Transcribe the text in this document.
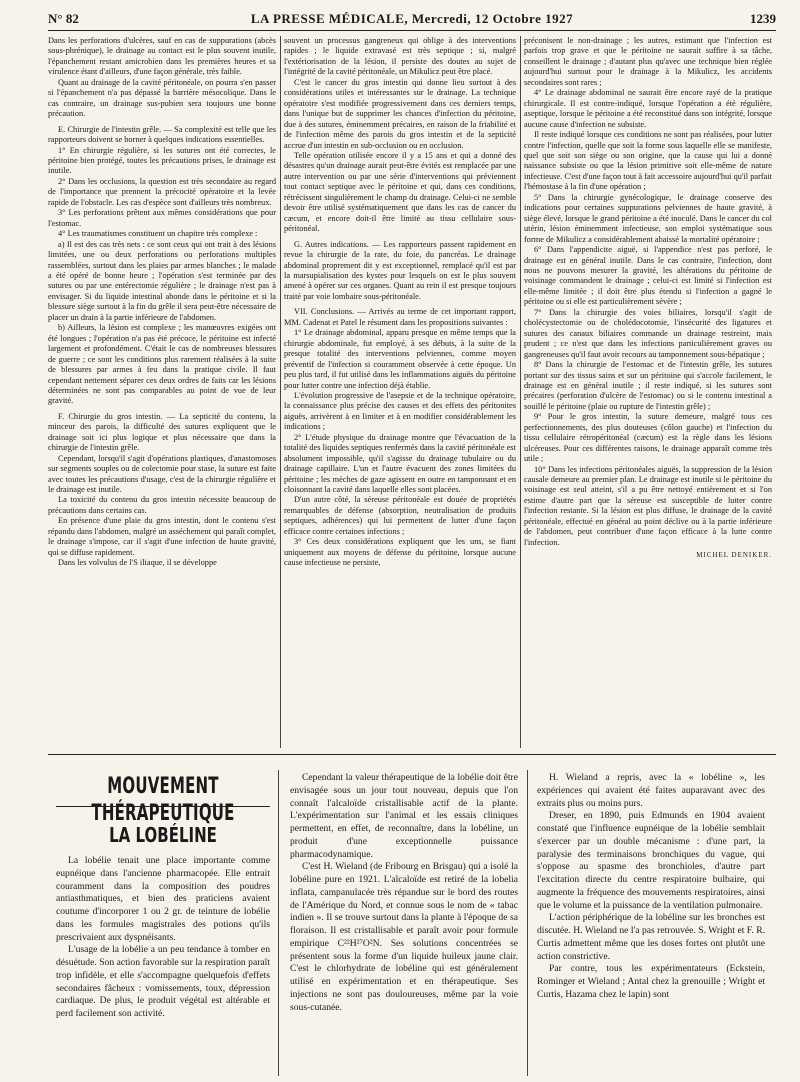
N° 82	LA PRESSE MÉDICALE, Mercredi, 12 Octobre 1927	1239

Dans les perforations d'ulcères, sauf en cas de suppurations (abcès sous-phrénique), le drainage au contact est le plus souvent inutile, l'épanchement restant amicrobien dans les premières heures et sa virulence étant d'ailleurs, d'une façon générale, très faible.

Quant au drainage de la cavité péritonéale, on pourra s'en passer si l'épanchement n'a pas dépassé la barrière mésocolique. Dans le cas contraire, un drainage sus-pubien sera toujours une bonne précaution.

E. Chirurgie de l'intestin grêle. — Sa complexité est telle que les rapporteurs doivent se borner à quelques indications essentielles.

1° En chirurgie régulière, si les sutures ont été correctes, le péritoine bien protégé, toutes les précautions prises, le drainage est inutile.

2° Dans les occlusions, la question est très secondaire au regard de l'importance que prennent la précocité opératoire et la levée rapide de l'obstacle. Les cas d'espèce sont d'ailleurs très nombreux.

3° Les perforations prêtent aux mêmes considérations que pour l'estomac.

4° Les traumatismes constituent un chapitre très complexe :

a) Il est des cas très nets : ce sont ceux qui ont trait à des lésions limitées, une ou deux perforations ou perforations multiples rassemblées, surtout dans les plaies par armes blanches ; le malade a été opéré de bonne heure ; l'opération s'est terminée par des sutures ou par une entérectomie régulière ; le drainage n'est pas à envisager. Si du liquide intestinal abonde dans le péritoine et si la blessure siège surtout à la fin du grêle il sera peut-être nécessaire de placer un drain à la partie inférieure de l'abdomen.

b) Ailleurs, la lésion est complexe ; les manœuvres exigées ont été longues ; l'opération n'a pas été précoce, le péritoine est infecté largement et profondément. C'était le cas de nombreuses blessures de guerre ; ce sont les conditions plus rarement réalisées à la suite de blessures par armes à feu dans la pratique civile. Il faut cependant nettement séparer ces deux ordres de faits car les lésions déterminées ne sont pas comparables au point de vue de leur gravité.

F. Chirurgie du gros intestin. — La septicité du contenu, la minceur des parois, la difficulté des sutures expliquent que le drainage soit ici plus logique et plus nécessaire que dans la chirurgie de l'intestin grêle.

Cependant, lorsqu'il s'agit d'opérations plastiques, d'anastomoses sur segments souples ou de colectomie pour stase, la suture est faite avec toutes les précautions d'usage, c'est de la chirurgie régulière et le drainage est inutile.

La toxicité du contenu du gros intestin nécessite beaucoup de précautions dans certains cas.

En présence d'une plaie du gros intestin, dont le contenu s'est répandu dans l'abdomen, malgré un asséchement qui paraît complet, le drainage s'impose, car il s'agit d'une infection de haute gravité, qui se diffuse rapidement.

Dans les volvulus de l'S iliaque, il se développe

souvent un processus gangreneux qui oblige à des interventions rapides ; le liquide extravasé est très septique ; si, malgré l'extériorisation de la lésion, il persiste des doutes au sujet de l'intégrité de la cavité péritonéale, un Mikulicz peut être placé.

C'est le cancer du gros intestin qui donne lieu surtout à des considérations utiles et intéressantes sur le drainage. La technique opératoire s'est modifiée progressivement dans ces derniers temps, dans l'unique but de supprimer les chances d'infection du péritoine, due à des sutures, éminemment précaires, en raison de la friabilité et de l'infection même des parois du gros intestin et de la septicité accrue d'un intestin en sub-occlusion ou en occlusion.

Telle opération utilisée encore il y a 15 ans et qui a donné des désastres qu'un drainage aurait peut-être évités est remplacée par une autre intervention ou par une série d'interventions qui préviennent tout contact septique avec le péritoine et qui, dans ces conditions, rétrécissent singulièrement le champ du drainage. Celui-ci ne semble devoir être utilisé systématiquement que dans les cas de cancer du cæcum, et encore doit-il être limité au tissu cellulaire sous-péritonéal.

G. Autres indications. — Les rapporteurs passent rapidement en revue la chirurgie de la rate, du foie, du pancréas. Le drainage abdominal proprement dit y est exceptionnel, remplacé qu'il est par la marsupialisation des kystes pour lesquels on est le plus souvent amené à opérer sur ces organes. Quant au rein il est presque toujours traité par voie lombaire sous-péritonéale.

VII. Conclusions. — Arrivés au terme de cet important rapport, MM. Cadenat et Patel le résument dans les propositions suivantes :

1° Le drainage abdominal, apparu presque en même temps que la chirurgie abdominale, fut employé, à ses débuts, à la suite de la presque totalité des interventions pelviennes, comme moyen préventif de l'infection si couramment observée à cette époque. Un peu plus tard, il fut utilisé dans les inflammations aiguës du péritoine pour lutter contre une infection déjà établie.

L'évolution progressive de l'asepsie et de la technique opératoire, la connaissance plus précise des causes et des effets des péritonites aiguës, arrivèrent à en limiter et à en modifier considérablement les indications ;

2° L'étude physique du drainage montre que l'évacuation de la totalité des liquides septiques renfermés dans la cavité péritonéale est absolument impossible, qu'il s'agisse du drainage tubulaire ou du drainage capillaire. L'un et l'autre évacuent des zones limitées du péritoine ; les mèches de gaze agissent en outre en tamponnant et en cloisonnant la cavité dans laquelle elles sont placées.

D'un autre côté, la séreuse péritonéale est douée de propriétés remarquables de défense (absorption, neutralisation de produits septiques, adhérences) qui lui permettent de lutter d'une façon efficace contre certaines infections ;

3° Ces deux considérations expliquent que les uns, se fiant uniquement aux moyens de défense du péritoine, lorsque aucune cause infectieuse ne persiste,

préconisent le non-drainage ; les autres, estimant que l'infection est parfois trop grave et que le péritoine ne saurait suffire à sa tâche, conseillent le drainage ; d'autant plus qu'avec une technique bien réglée aujourd'hui surtout pour le drainage à la Mikulicz, les accidents secondaires sont rares ;

4° Le drainage abdominal ne saurait être encore rayé de la pratique chirurgicale. Il est contre-indiqué, lorsque l'opération a été régulière, aseptique, lorsque le péritoine a été reconstitué dans son intégrité, lorsque aucune cause d'infection ne subsiste.

Il reste indiqué lorsque ces conditions ne sont pas réalisées, pour lutter contre l'infection, quelle que soit la forme sous laquelle elle se manifeste, quel que soit son siège ou son origine, que la cause qui lui a donné naissance subsiste ou que la lésion primitive soit elle-même de nature infectieuse. C'est d'une façon tout à fait accessoire aujourd'hui qu'il parfait l'hémostase à la fin d'une opération ;

5° Dans la chirurgie gynécologique, le drainage conserve des indications pour certaines suppurations pelviennes de haute gravité, à siège élevé, lorsque le grand péritoine a été inoculé. Dans le cancer du col utérin, lésion éminemment infectieuse, son emploi systématique sous forme de Mikulicz a considérablement abaissé la mortalité opératoire ;

6° Dans l'appendicite aiguë, si l'appendice n'est pas perforé, le drainage est en général inutile. Dans le cas contraire, l'infection, dont nous ne pouvons mesurer la gravité, les altérations du péritoine de voisinage commandent le drainage ; celui-ci est limité si l'infection est elle-même limitée ; il doit être plus étendu si l'infection a gagné le péritoine ou si elle est particulièrement sévère ;

7° Dans la chirurgie des voies biliaires, lorsqu'il s'agit de cholécystectomie ou de cholédocotomie, l'insécurité des ligatures et sutures des canaux biliaires commande un drainage restreint, mais prudent ; ce n'est que dans les infections particulièrement graves ou gangreneuses qu'il faut avoir recours au tamponnement sous-hépatique ;

8° Dans la chirurgie de l'estomac et de l'intestin grêle, les sutures portant sur des tissus sains et sur un péritoine qui s'accole facilement, le drainage est en général inutile ; il reste indiqué, si les sutures sont précaires (perforation d'ulcère de l'estomac) ou si le contenu intestinal a souillé le péritoine (plaie ou rupture de l'intestin grêle) ;

9° Pour le gros intestin, la suture demeure, malgré tous ces perfectionnements, des plus douteuses (côlon gauche) et l'infection du tissu cellulaire rétropéritonéal (cæcum) est la règle dans les lésions ulcéreuses. Pour ces différentes raisons, le drainage apparaît comme très utile ;

10° Dans les infections péritonéales aiguës, la suppression de la lésion causale demeure au premier plan. Le drainage est inutile si le péritoine du voisinage est seul atteint, s'il a pu être nettoyé entièrement et si l'on estime d'autre part que la séreuse est susceptible de lutter contre l'infection restante. Si la lésion est plus diffuse, le drainage de la cavité péritonéale, effectué en général au point déclive ou à la partie inférieure de l'abdomen, peut contribuer d'une façon efficace à la lutte contre l'infection.

MICHEL DENIKER.
MOUVEMENT THÉRAPEUTIQUE
LA LOBÉLINE

La lobélie tenait une place importante comme eupnéique dans l'ancienne pharmacopée. Elle entrait couramment dans la composition des poudres antiasthmatiques, et bien des praticiens avaient coutume d'incorporer 1 ou 2 gr. de teinture de lobélie dans les formules magistrales des potions qu'ils prescrivaient aux dyspnéisants.

L'usage de la lobélie a un peu tendance à tomber en désuétude. Son action favorable sur la respiration paraît trop infidèle, et elle s'accompagne quelquefois d'effets secondaires fâcheux : vomissements, toux, dépression cardiaque. De plus, le produit végétal est altérable et perd facilement son activité.

Cependant la valeur thérapeutique de la lobélie doit être envisagée sous un jour tout nouveau, depuis que l'on connaît l'alcaloïde cristallisable actif de la plante. L'expérimentation sur l'animal et les essais cliniques permettent, en effet, de reconnaître, dans la lobéline, un produit d'une exceptionnelle puissance pharmacodynamique.

C'est H. Wieland (de Fribourg en Brisgau) qui a isolé la lobéline pure en 1921. L'alcaloïde est retiré de la lobelia inflata, campanulacée très répandue sur le bord des routes de l'Amérique du Nord, et connue sous le nom de « tabac indien ». Il se trouve surtout dans la plante à l'époque de sa floraison. Il est cristallisable et paraît avoir pour formule empirique C²²H²⁷O²N. Ses solutions concentrées se présentent sous la forme d'un liquide huileux jaune clair. C'est le chlorhydrate de lobéline qui est généralement utilisé en expérimentation et en thérapeutique. Ses injections ne sont pas douloureuses, même par la voie sous-cutanée.

H. Wieland a repris, avec la « lobéline », les expériences qui avaient été faites auparavant avec des extraits plus ou moins purs.

Dreser, en 1890, puis Edmunds en 1904 avaient constaté que l'influence eupnéique de la lobélie semblait s'exercer par un double mécanisme : d'une part, la paralysie des terminaisons bronchiques du vague, qui s'oppose au spasme des bronchioles, d'autre part l'excitation directe du centre respiratoire bulbaire, qui augmente la fréquence des mouvements respiratoires, ainsi que le volume et la puissance de la ventilation pulmonaire.

L'action périphérique de la lobéline sur les bronches est discutée. H. Wieland ne l'a pas retrouvée. S. Wright et F. R. Curtis admettent même que les doses fortes ont plutôt une action constrictive.

Par contre, tous les expérimentateurs (Eckstein, Rominger et Wieland ; Antal chez la grenouille ; Wright et Curtis, Hazama chez le lapin) sont
